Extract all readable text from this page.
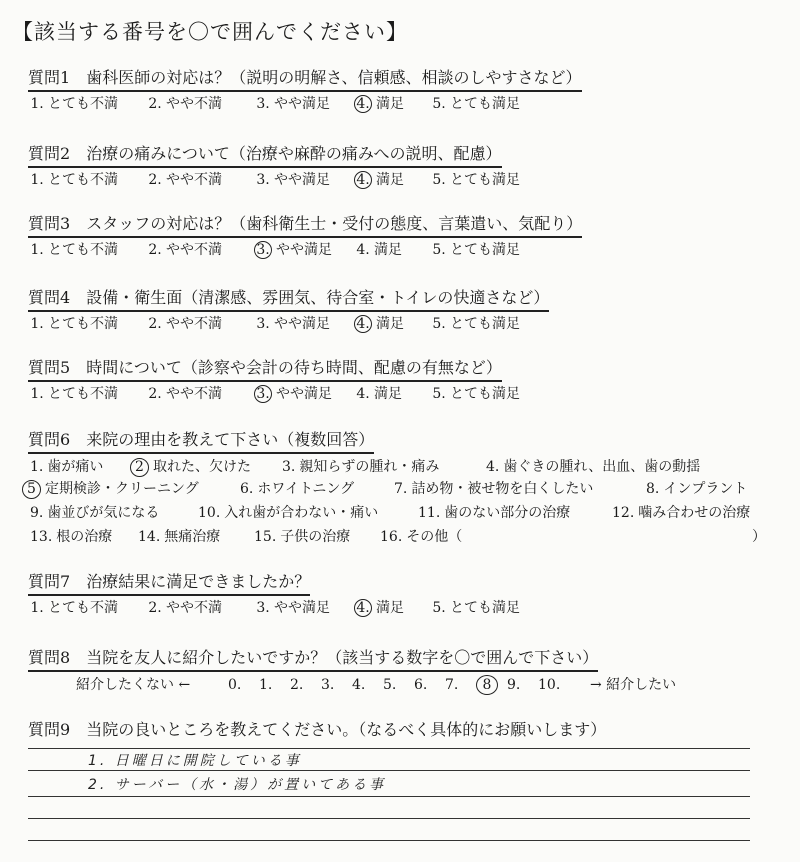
【該当する番号を〇で囲んでください】
質問1 歯科医師の対応は？（説明の明解さ、信頼感、相談のしやすさなど）
1. とても不満 2. やや不満 3. やや満足 4. 満足 5. とても満足
質問2 治療の痛みについて（治療や麻酔の痛みへの説明、配慮）
1. とても不満 2. やや不満 3. やや満足 4. 満足 5. とても満足
質問3 スタッフの対応は？（歯科衛生士・受付の態度、言葉遣い、気配り）
1. とても不満 2. やや不満 3. やや満足 4. 満足 5. とても満足
質問4 設備・衛生面（清潔感、雰囲気、待合室・トイレの快適さなど）
1. とても不満 2. やや不満 3. やや満足 4. 満足 5. とても満足
質問5 時間について（診察や会計の待ち時間、配慮の有無など）
1. とても不満 2. やや不満 3. やや満足 4. 満足 5. とても満足
質問6 来院の理由を教えて下さい（複数回答）
1. 歯が痛い	2 取れた、欠けた 3. 親知らずの腫れ・痛み	4. 歯ぐきの腫れ、出血、歯の動揺
5 定期検診・クリーニング	6. ホワイトニング	7. 詰め物・被せ物を白くしたい	8. インプラント
9. 歯並びが気になる	10. 入れ歯が合わない・痛い	11. 歯のない部分の治療	12. 噛み合わせの治療
13. 根の治療 14. 無痛治療 15. 子供の治療 16. その他（	）
質問7 治療結果に満足できましたか？
1. とても不満 2. やや不満 3. やや満足 4. 満足 5. とても満足
質問8 当院を友人に紹介したいですか？（該当する数字を〇で囲んで下さい）
紹介したくない ←	0. 1. 2. 3. 4. 5. 6. 7.	8	9. 10. → 紹介したい
質問9 当院の良いところを教えてください。（なるべく具体的にお願いします）
1. 日曜日に開院している事
2. サーバー（水・湯）が置いてある事
